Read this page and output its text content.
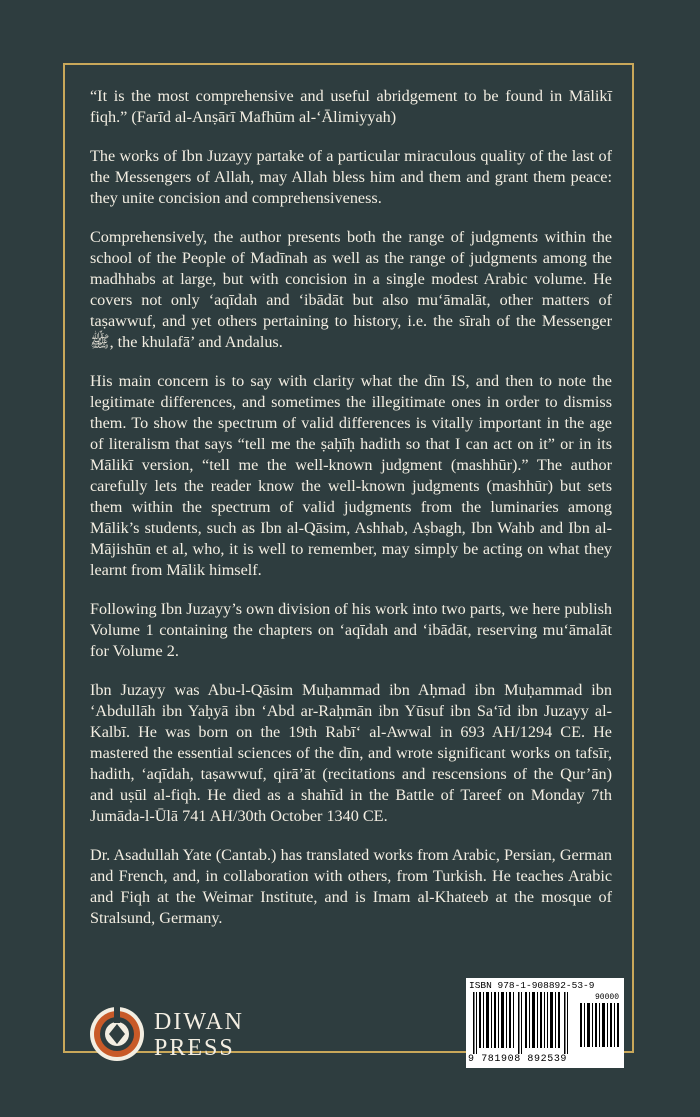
“It is the most comprehensive and useful abridgement to be found in Mālikī fiqh.” (Farīd al-Anṣārī Mafhūm al-‘Ālimiyyah)

The works of Ibn Juzayy partake of a particular miraculous quality of the last of the Messengers of Allah, may Allah bless him and them and grant them peace: they unite concision and comprehensiveness.

Comprehensively, the author presents both the range of judgments within the school of the People of Madīnah as well as the range of judgments among the madhhabs at large, but with concision in a single modest Arabic volume. He covers not only ‘aqīdah and ‘ibādāt but also mu‘āmalāt, other matters of taṣawwuf, and yet others pertaining to history, i.e. the sīrah of the Messenger ﷺ, the khulafā’ and Andalus.

His main concern is to say with clarity what the dīn IS, and then to note the legitimate differences, and sometimes the illegitimate ones in order to dismiss them. To show the spectrum of valid differences is vitally important in the age of literalism that says “tell me the ṣaḥīḥ hadith so that I can act on it” or in its Mālikī version, “tell me the well-known judgment (mashhūr).” The author carefully lets the reader know the well-known judgments (mashhūr) but sets them within the spectrum of valid judgments from the luminaries among Mālik’s students, such as Ibn al-Qāsim, Ashhab, Aṣbagh, Ibn Wahb and Ibn al-Mājishūn et al, who, it is well to remember, may simply be acting on what they learnt from Mālik himself.

Following Ibn Juzayy’s own division of his work into two parts, we here publish Volume 1 containing the chapters on ‘aqīdah and ‘ibādāt, reserving mu‘āmalāt for Volume 2.

Ibn Juzayy was Abu-l-Qāsim Muḥammad ibn Aḥmad ibn Muḥammad ibn ‘Abdullāh ibn Yaḥyā ibn ‘Abd ar-Raḥmān ibn Yūsuf ibn Sa‘īd ibn Juzayy al-Kalbī. He was born on the 19th Rabī‘ al-Awwal in 693 AH/1294 CE. He mastered the essential sciences of the dīn, and wrote significant works on tafsīr, hadith, ‘aqīdah, taṣawwuf, qirā’āt (recitations and rescensions of the Qur’ān) and uṣūl al-fiqh. He died as a shahīd in the Battle of Tareef on Monday 7th Jumāda-l-Ūlā 741 AH/30th October 1340 CE.

Dr. Asadullah Yate (Cantab.) has translated works from Arabic, Persian, German and French, and, in collaboration with others, from Turkish. He teaches Arabic and Fiqh at the Weimar Institute, and is Imam al-Khateeb at the mosque of Stralsund, Germany.

DIWAN
PRESS
ISBN 978-1-908892-53-9
90000
9 781908 892539
